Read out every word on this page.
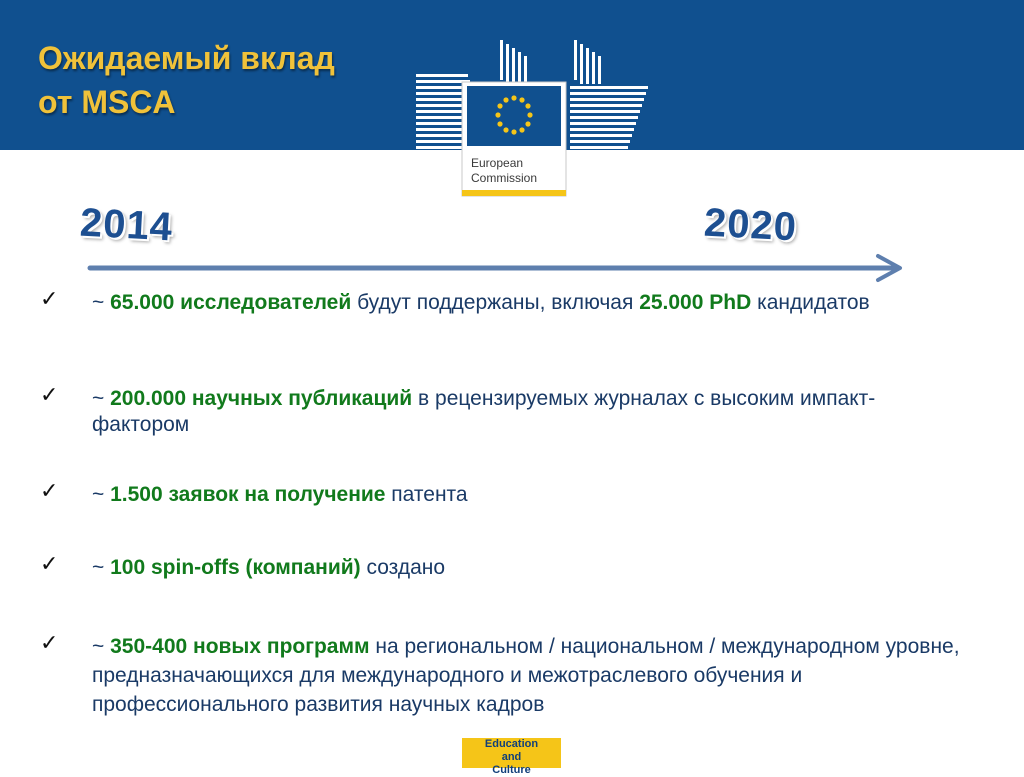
Ожидаемый вклад
от MSCA
European
Commission
2014	2020
✓ ~ 65.000 исследователей будут поддержаны, включая 25.000 PhD кандидатов
✓ ~ 200.000 научных публикаций в рецензируемых журналах с высоким импакт-фактором
✓ ~ 1.500 заявок на получение патента
✓ ~ 100 spin-offs (компаний) создано
✓ ~ 350-400 новых программ на региональном / национальном / международном уровне, предназначающихся для международного и межотраслевого обучения и профессионального развития научных кадров
Education
and
Culture
